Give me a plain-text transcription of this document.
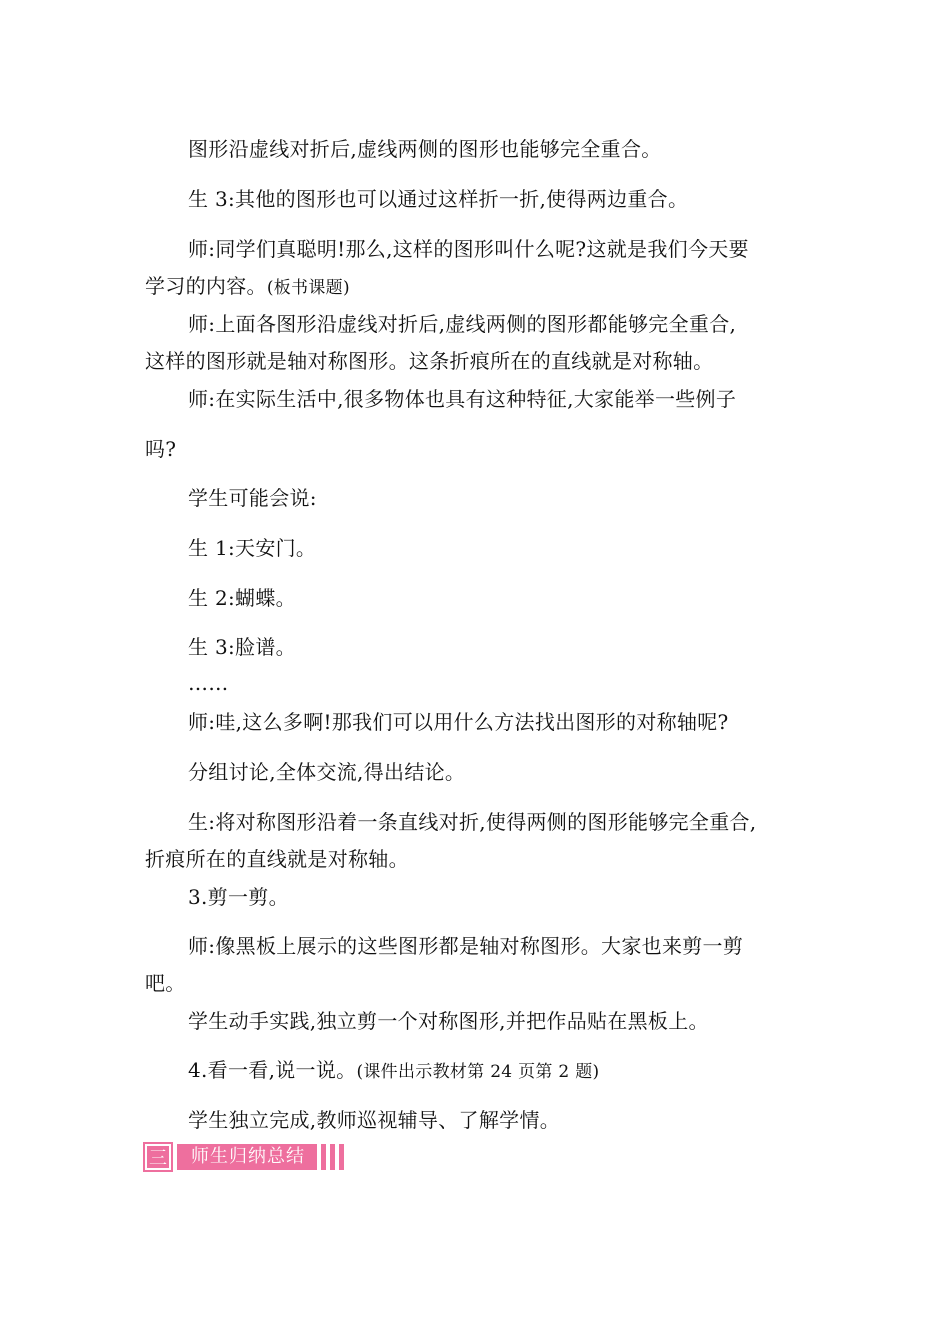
图形沿虚线对折后,虚线两侧的图形也能够完全重合。
生 3:其他的图形也可以通过这样折一折,使得两边重合。
师:同学们真聪明!那么,这样的图形叫什么呢?这就是我们今天要
学习的内容。(板书课题)
师:上面各图形沿虚线对折后,虚线两侧的图形都能够完全重合,
这样的图形就是轴对称图形。这条折痕所在的直线就是对称轴。
师:在实际生活中,很多物体也具有这种特征,大家能举一些例子
吗?
学生可能会说:
生 1:天安门。
生 2:蝴蝶。
生 3:脸谱。
……
师:哇,这么多啊!那我们可以用什么方法找出图形的对称轴呢?
分组讨论,全体交流,得出结论。
生:将对称图形沿着一条直线对折,使得两侧的图形能够完全重合,
折痕所在的直线就是对称轴。
3.剪一剪。
师:像黑板上展示的这些图形都是轴对称图形。大家也来剪一剪
吧。
学生动手实践,独立剪一个对称图形,并把作品贴在黑板上。
4.看一看,说一说。(课件出示教材第 24 页第 2 题)
学生独立完成,教师巡视辅导、了解学情。
三	师生归纳总结
